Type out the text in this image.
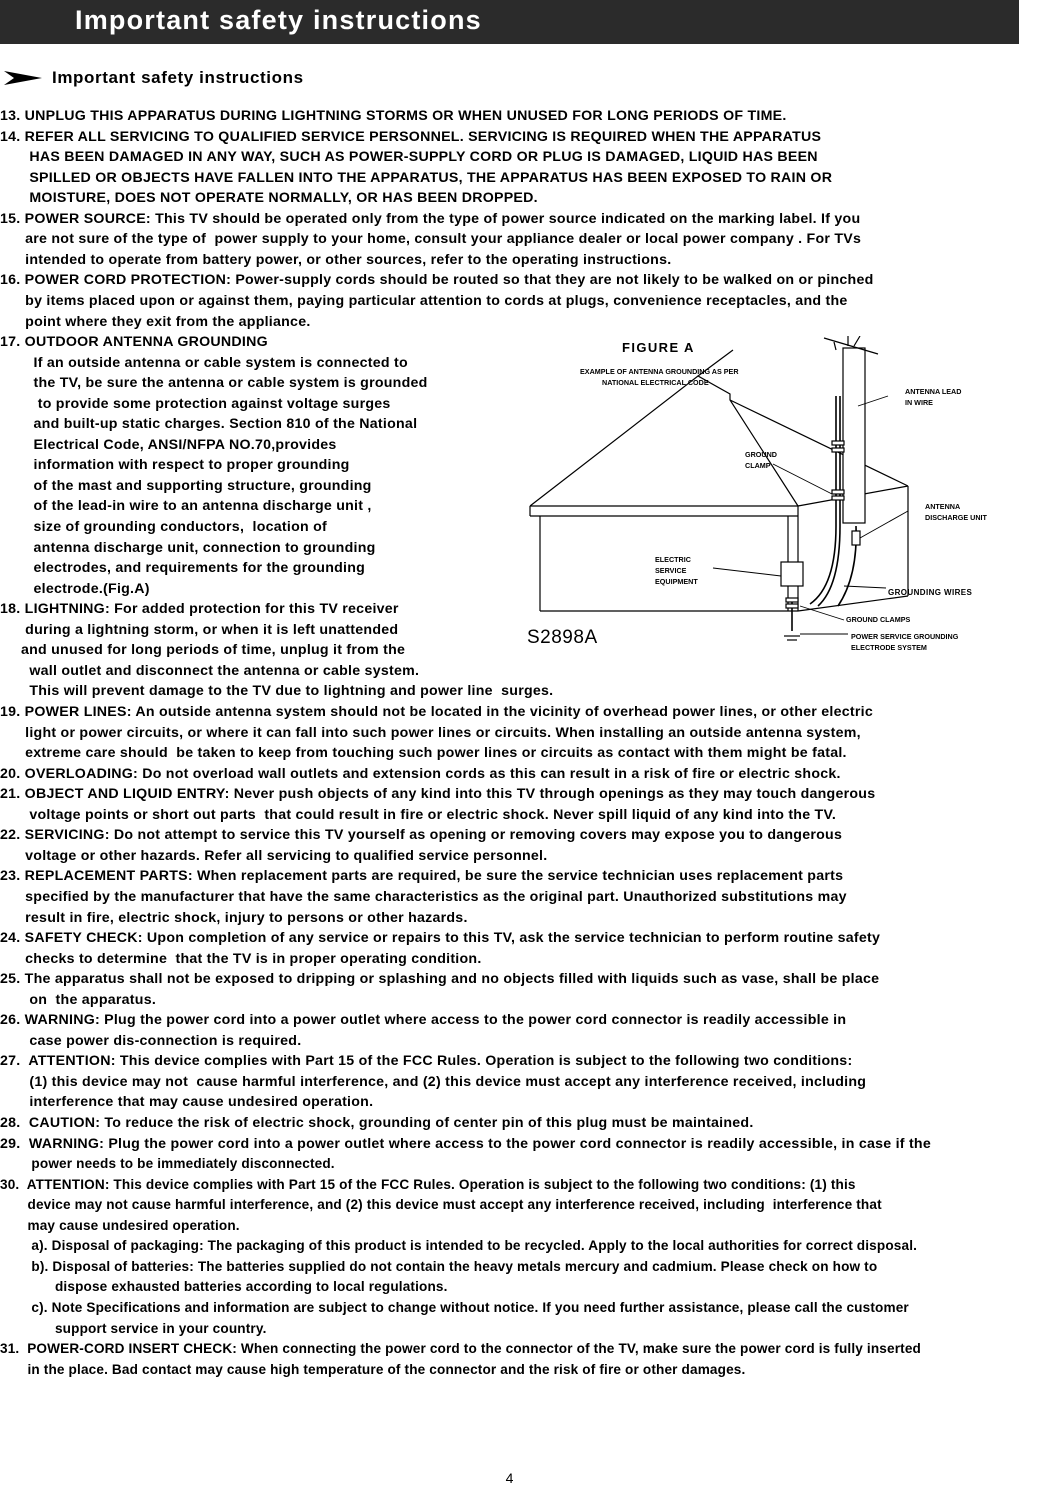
Important safety instructions
Important safety instructions
13. UNPLUG THIS APPARATUS DURING LIGHTNING STORMS OR WHEN UNUSED FOR LONG PERIODS OF TIME.
14. REFER ALL SERVICING TO QUALIFIED SERVICE PERSONNEL. SERVICING IS REQUIRED WHEN THE APPARATUS
HAS BEEN DAMAGED IN ANY WAY, SUCH AS POWER-SUPPLY CORD OR PLUG IS DAMAGED, LIQUID HAS BEEN
SPILLED OR OBJECTS HAVE FALLEN INTO THE APPARATUS, THE APPARATUS HAS BEEN EXPOSED TO RAIN OR
MOISTURE, DOES NOT OPERATE NORMALLY, OR HAS BEEN DROPPED.
15. POWER SOURCE: This TV should be operated only from the type of power source indicated on the marking label. If you
are not sure of the type of  power supply to your home, consult your appliance dealer or local power company . For TVs
intended to operate from battery power, or other sources, refer to the operating instructions.
16. POWER CORD PROTECTION: Power-supply cords should be routed so that they are not likely to be walked on or pinched
by items placed upon or against them, paying particular attention to cords at plugs, convenience receptacles, and the
point where they exit from the appliance.
17. OUTDOOR ANTENNA GROUNDING
If an outside antenna or cable system is connected to
the TV, be sure the antenna or cable system is grounded
to provide some protection against voltage surges
and built-up static charges. Section 810 of the National
Electrical Code, ANSI/NFPA NO.70,provides
information with respect to proper grounding
of the mast and supporting structure, grounding
of the lead-in wire to an antenna discharge unit ,
size of grounding conductors,  location of
antenna discharge unit, connection to grounding
electrodes, and requirements for the grounding
electrode.(Fig.A)
18. LIGHTNING: For added protection for this TV receiver
during a lightning storm, or when it is left unattended
and unused for long periods of time, unplug it from the
wall outlet and disconnect the antenna or cable system.
This will prevent damage to the TV due to lightning and power line  surges.
19. POWER LINES: An outside antenna system should not be located in the vicinity of overhead power lines, or other electric
light or power circuits, or where it can fall into such power lines or circuits. When installing an outside antenna system,
extreme care should  be taken to keep from touching such power lines or circuits as contact with them might be fatal.
20. OVERLOADING: Do not overload wall outlets and extension cords as this can result in a risk of fire or electric shock.
21. OBJECT AND LIQUID ENTRY: Never push objects of any kind into this TV through openings as they may touch dangerous
voltage points or short out parts  that could result in fire or electric shock. Never spill liquid of any kind into the TV.
22. SERVICING: Do not attempt to service this TV yourself as opening or removing covers may expose you to dangerous
voltage or other hazards. Refer all servicing to qualified service personnel.
23. REPLACEMENT PARTS: When replacement parts are required, be sure the service technician uses replacement parts
specified by the manufacturer that have the same characteristics as the original part. Unauthorized substitutions may
result in fire, electric shock, injury to persons or other hazards.
24. SAFETY CHECK: Upon completion of any service or repairs to this TV, ask the service technician to perform routine safety
checks to determine  that the TV is in proper operating condition.
25. The apparatus shall not be exposed to dripping or splashing and no objects filled with liquids such as vase, shall be place
on  the apparatus.
26. WARNING: Plug the power cord into a power outlet where access to the power cord connector is readily accessible in
case power dis-connection is required.
27.  ATTENTION: This device complies with Part 15 of the FCC Rules. Operation is subject to the following two conditions:
(1) this device may not  cause harmful interference, and (2) this device must accept any interference received, including
interference that may cause undesired operation.
28.  CAUTION: To reduce the risk of electric shock, grounding of center pin of this plug must be maintained.
29.  WARNING: Plug the power cord into a power outlet where access to the power cord connector is readily accessible, in case if the
power needs to be immediately disconnected.
30.  ATTENTION: This device complies with Part 15 of the FCC Rules. Operation is subject to the following two conditions: (1) this
device may not cause harmful interference, and (2) this device must accept any interference received, including  interference that
may cause undesired operation.
a). Disposal of packaging: The packaging of this product is intended to be recycled. Apply to the local authorities for correct disposal.
b). Disposal of batteries: The batteries supplied do not contain the heavy metals mercury and cadmium. Please check on how to
dispose exhausted batteries according to local regulations.
c). Note Specifications and information are subject to change without notice. If you need further assistance, please call the customer
support service in your country.
31.  POWER-CORD INSERT CHECK: When connecting the power cord to the connector of the TV, make sure the power cord is fully inserted
in the place. Bad contact may cause high temperature of the connector and the risk of fire or other damages.
FIGURE A
EXAMPLE OF ANTENNA GROUNDING AS PER
NATIONAL ELECTRICAL CODE
ANTENNA LEAD
IN WIRE
GROUND
CLAMP
ANTENNA
DISCHARGE UNIT
ELECTRIC
SERVICE
EQUIPMENT
GROUNDING WIRES
GROUND CLAMPS
POWER SERVICE GROUNDING
ELECTRODE SYSTEM
S2898A
4
